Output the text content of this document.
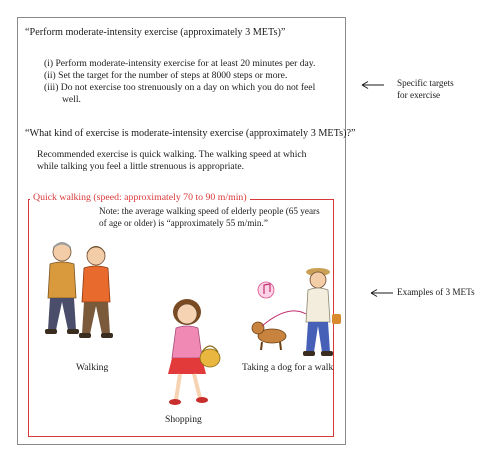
“Perform moderate-intensity exercise (approximately 3 METs)”
(i) Perform moderate-intensity exercise for at least 20 minutes per day.
(ii) Set the target for the number of steps at 8000 steps or more.
(iii) Do not exercise too strenuously on a day on which you do not feel
well.
“What kind of exercise is moderate-intensity exercise (approximately 3 METs)?”
Recommended exercise is quick walking. The walking speed at which
while talking you feel a little strenuous is appropriate.
Quick walking (speed: approximately 70 to 90 m/min)
Note: the average walking speed of elderly people (65 years
of age or older) is “approximately 55 m/min.”
Walking
Shopping
Taking a dog for a walk
Specific targets
for exercise
Examples of 3 METs
